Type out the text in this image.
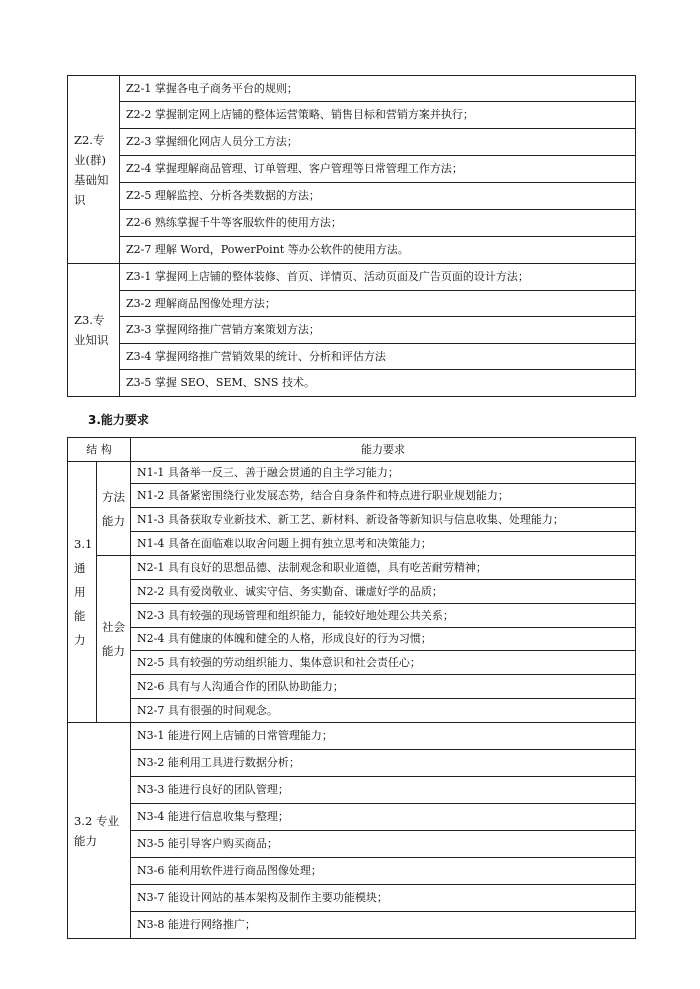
Z2.专业(群)基础知识	Z2-1 掌握各电子商务平台的规则；
	Z2-2 掌握制定网上店铺的整体运营策略、销售目标和营销方案并执行；
	Z2-3 掌握细化网店人员分工方法；
	Z2-4 掌握理解商品管理、订单管理、客户管理等日常管理工作方法；
	Z2-5 理解监控、分析各类数据的方法；
	Z2-6 熟练掌握千牛等客服软件的使用方法；
	Z2-7 理解 Word，PowerPoint 等办公软件的使用方法。
Z3.专业知识	Z3-1 掌握网上店铺的整体装修、首页、详情页、活动页面及广告页面的设计方法；
	Z3-2 理解商品图像处理方法；
	Z3-3 掌握网络推广营销方案策划方法；
	Z3-4 掌握网络推广营销效果的统计、分析和评估方法
	Z3-5 掌握 SEO、SEM、SNS 技术。
3.能力要求
结 构		能力要求
3.1 通用能力	方法能力	N1-1 具备举一反三、善于融会贯通的自主学习能力；
		N1-2 具备紧密围绕行业发展态势，结合自身条件和特点进行职业规划能力；
		N1-3 具备获取专业新技术、新工艺、新材料、新设备等新知识与信息收集、处理能力；
		N1-4 具备在面临难以取舍问题上拥有独立思考和决策能力；
	社会能力	N2-1 具有良好的思想品德、法制观念和职业道德，具有吃苦耐劳精神；
		N2-2 具有爱岗敬业、诚实守信、务实勤奋、谦虚好学的品质；
		N2-3 具有较强的现场管理和组织能力，能较好地处理公共关系；
		N2-4 具有健康的体魄和健全的人格，形成良好的行为习惯；
		N2-5 具有较强的劳动组织能力、集体意识和社会责任心；
		N2-6 具有与人沟通合作的团队协助能力；
		N2-7 具有很强的时间观念。
3.2 专业能力		N3-1 能进行网上店铺的日常管理能力；
		N3-2 能利用工具进行数据分析；
		N3-3 能进行良好的团队管理；
		N3-4 能进行信息收集与整理；
		N3-5 能引导客户购买商品；
		N3-6 能利用软件进行商品图像处理；
		N3-7 能设计网站的基本架构及制作主要功能模块；
		N3-8 能进行网络推广；
